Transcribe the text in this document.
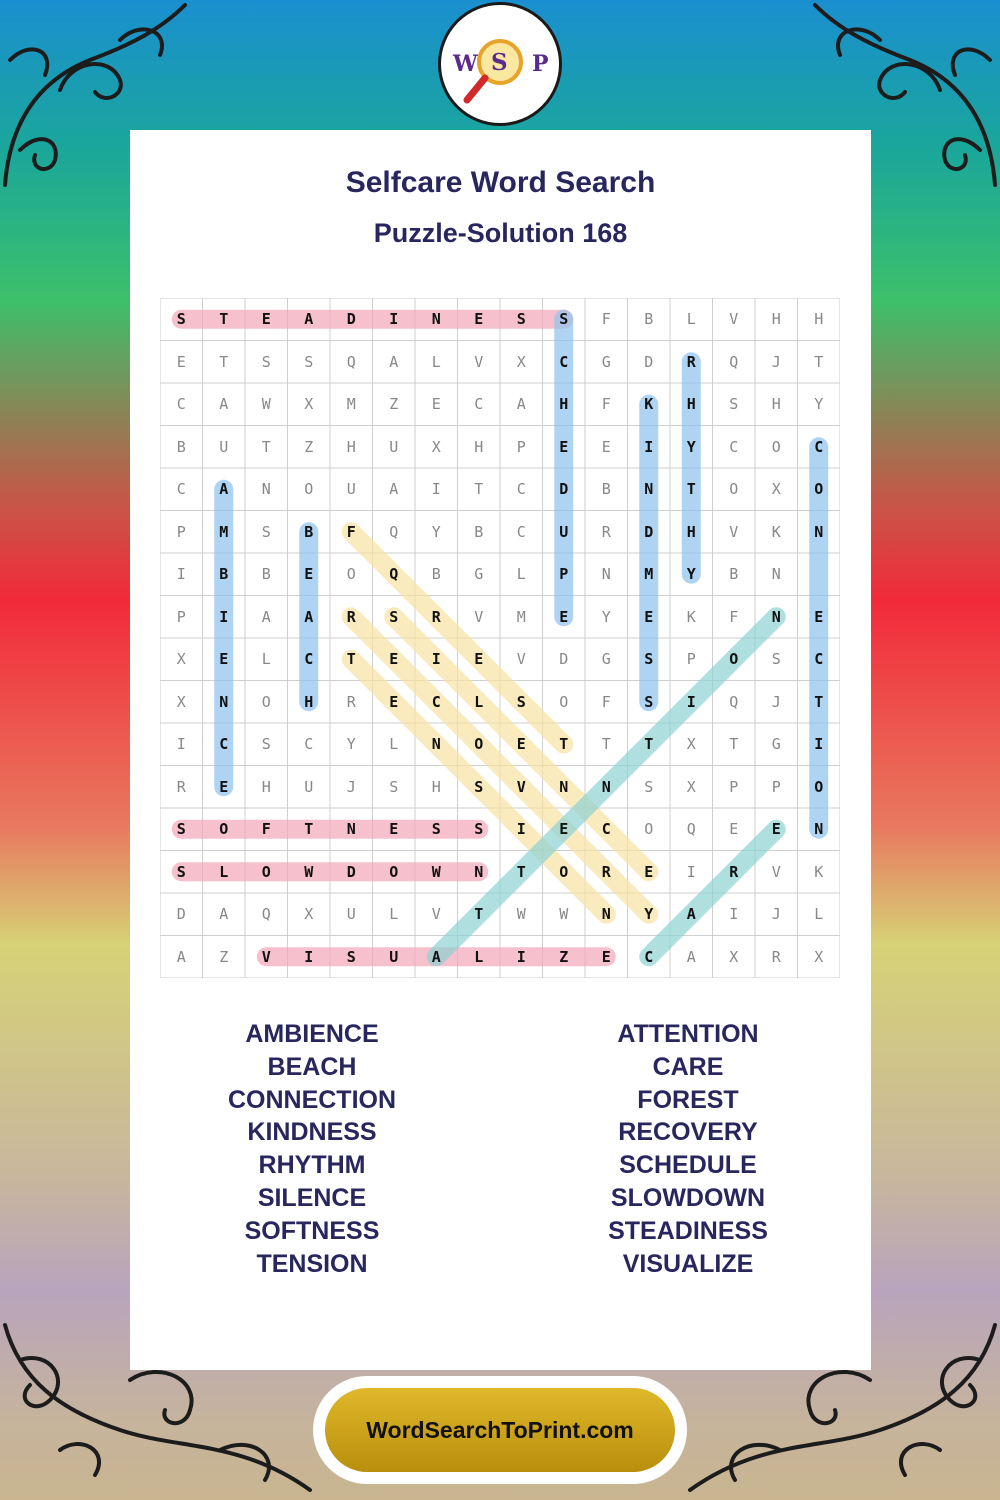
W S P
Selfcare Word Search
Puzzle-Solution 168
S	T	E	A	D	I	N	E	S	S	F	B	L	V	H	H
E	T	S	S	Q	A	L	V	X	C	G	D	R	Q	J	T
C	A	W	X	M	Z	E	C	A	H	F	K	H	S	H	Y
B	U	T	Z	H	U	X	H	P	E	E	I	Y	C	O	C
C	A	N	O	U	A	I	T	C	D	B	N	T	O	X	O
P	M	S	B	F	Q	Y	B	C	U	R	D	H	V	K	N
I	B	B	E	O	Q	B	G	L	P	N	M	Y	B	N
P	I	A	A	R	S	R	V	M	E	Y	E	K	F	N	E
X	E	L	C	T	E	I	E	V	D	G	S	P	O	S	C
X	N	O	H	R	E	C	L	S	O	F	S	I	Q	J	T
I	C	S	C	Y	L	N	O	E	T	T	T	X	T	G	I
R	E	H	U	J	S	H	S	V	N	N	S	X	P	P	O
S	O	F	T	N	E	S	S	I	E	C	O	Q	E	E	N
S	L	O	W	D	O	W	N	T	O	R	E	I	R	V	K
D	A	Q	X	U	L	V	T	W	W	N	Y	A	I	J	L
A	Z	V	I	S	U	A	L	I	Z	E	C	A	X	R	X
AMBIENCE
BEACH
CONNECTION
KINDNESS
RHYTHM
SILENCE
SOFTNESS
TENSION
ATTENTION
CARE
FOREST
RECOVERY
SCHEDULE
SLOWDOWN
STEADINESS
VISUALIZE
WordSearchToPrint.com
